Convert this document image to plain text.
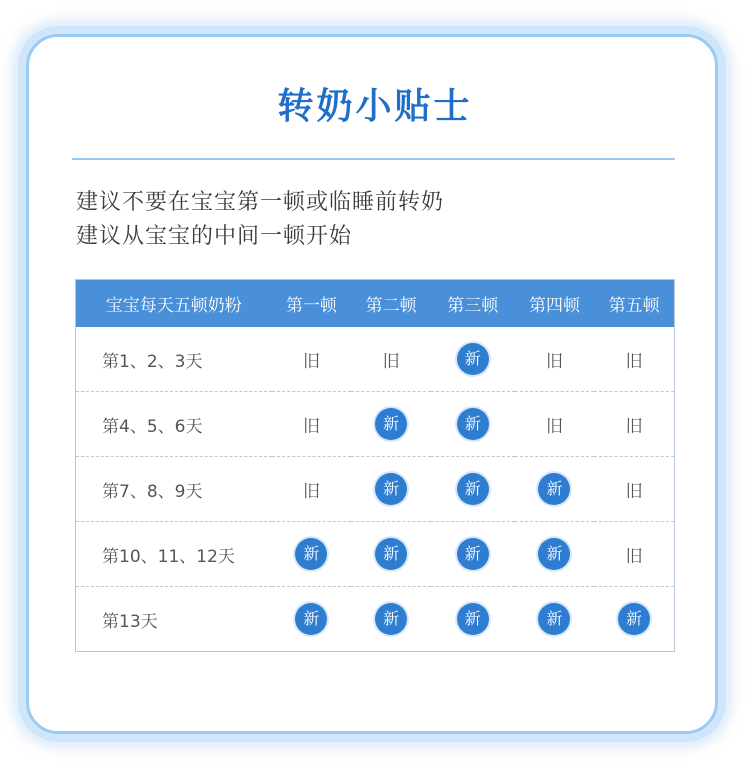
转奶小贴士
建议不要在宝宝第一顿或临睡前转奶
建议从宝宝的中间一顿开始
宝宝每天五顿奶粉	第一顿	第二顿	第三顿	第四顿	第五顿
第1、2、3天	旧	旧	新	旧	旧
第4、5、6天	旧	新	新	旧	旧
第7、8、9天	旧	新	新	新	旧
第10、11、12天	新	新	新	新	旧
第13天	新	新	新	新	新
